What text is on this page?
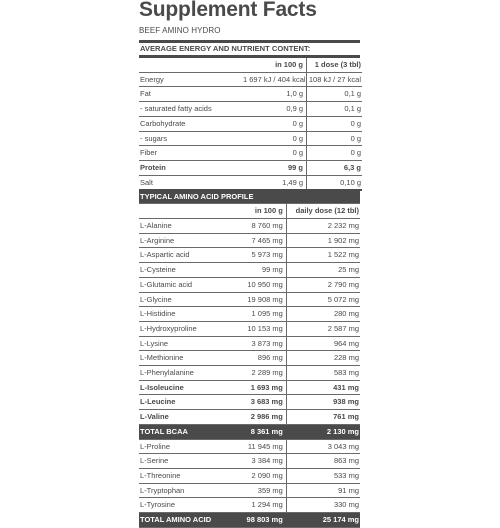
Supplement Facts
BEEF AMINO HYDRO
AVERAGE ENERGY AND NUTRIENT CONTENT:
	in 100 g	1 dose (3 tbl)
Energy	1 697 kJ / 404 kcal	108 kJ / 27 kcal
Fat	1,0 g	0,1 g
- saturated fatty acids	0,9 g	0,1 g
Carbohydrate	0 g	0 g
- sugars	0 g	0 g
Fiber	0 g	0 g
Protein	99 g	6,3 g
Salt	1,49 g	0,10 g
TYPICAL AMINO ACID PROFILE		
	in 100 g	daily dose (12 tbl)
L-Alanine	8 760 mg	2 232 mg
L-Arginine	7 465 mg	1 902 mg
L-Aspartic acid	5 973 mg	1 522 mg
L-Cysteine	99 mg	25 mg
L-Glutamic acid	10 950 mg	2 790 mg
L-Glycine	19 908 mg	5 072 mg
L-Histidine	1 095 mg	280 mg
L-Hydroxyproline	10 153 mg	2 587 mg
L-Lysine	3 873 mg	964 mg
L-Methionine	896 mg	228 mg
L-Phenylalanine	2 289 mg	583 mg
L-Isoleucine	1 693 mg	431 mg
L-Leucine	3 683 mg	938 mg
L-Valine	2 986 mg	761 mg
TOTAL BCAA	8 361 mg	2 130 mg
L-Proline	11 945 mg	3 043 mg
L-Serine	3 384 mg	863 mg
L-Threonine	2 090 mg	533 mg
L-Tryptophan	359 mg	91 mg
L-Tyrosine	1 294 mg	330 mg
TOTAL AMINO ACID	98 803 mg	25 174 mg
